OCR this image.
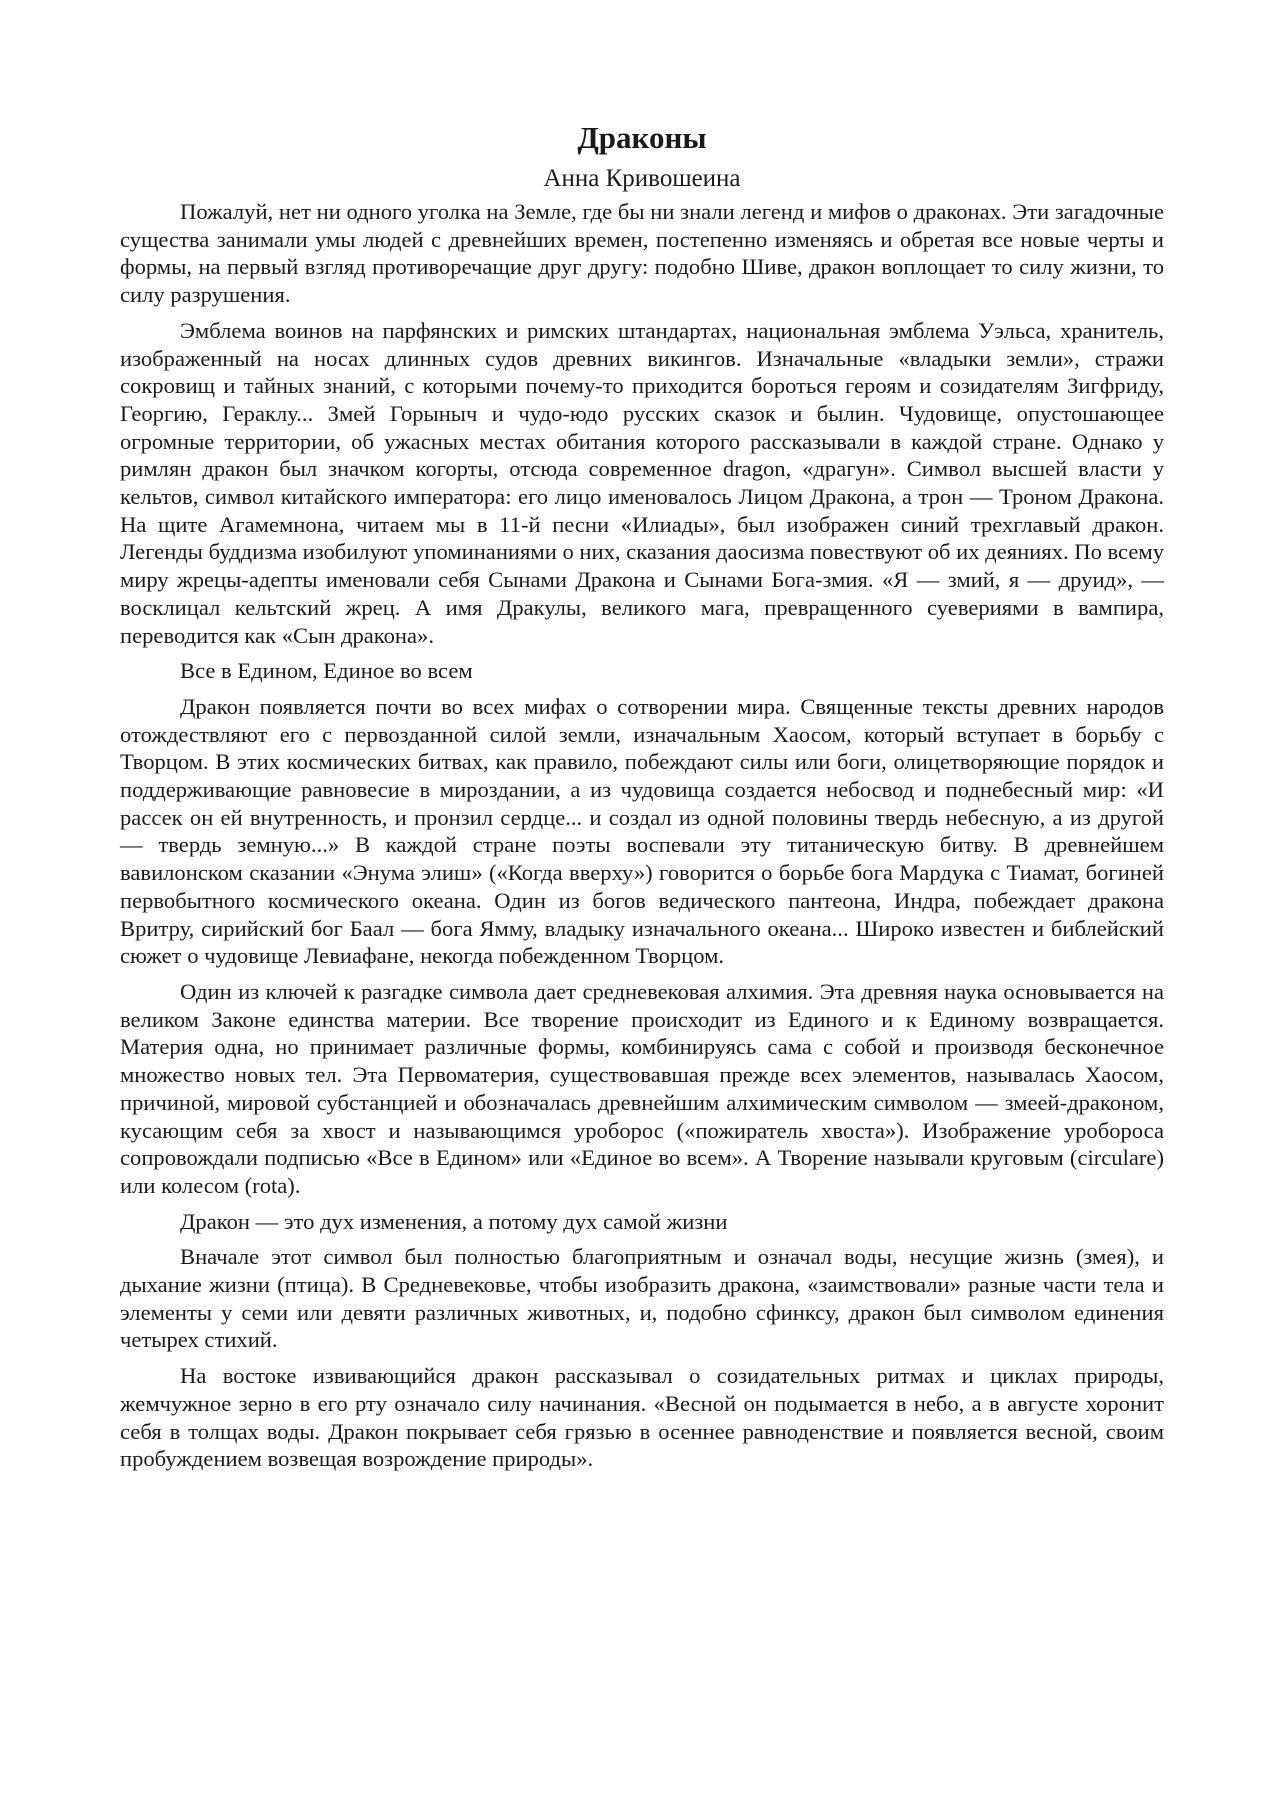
Драконы
Анна Кривошеина

Пожалуй, нет ни одного уголка на Земле, где бы ни знали легенд и мифов о драконах. Эти загадочные существа занимали умы людей с древнейших времен, постепенно изменяясь и обретая все новые черты и формы, на первый взгляд противоречащие друг другу: подобно Шиве, дракон воплощает то силу жизни, то силу разрушения.

Эмблема воинов на парфянских и римских штандартах, национальная эмблема Уэльса, хранитель, изображенный на носах длинных судов древних викингов. Изначальные «владыки земли», стражи сокровищ и тайных знаний, с которыми почему-то приходится бороться героям и созидателям Зигфриду, Георгию, Гераклу... Змей Горыныч и чудо-юдо русских сказок и былин. Чудовище, опустошающее огромные территории, об ужасных местах обитания которого рассказывали в каждой стране. Однако у римлян дракон был значком когорты, отсюда современное dragon, «драгун». Символ высшей власти у кельтов, символ китайского императора: его лицо именовалось Лицом Дракона, а трон — Троном Дракона. На щите Агамемнона, читаем мы в 11-й песни «Илиады», был изображен синий трехглавый дракон. Легенды буддизма изобилуют упоминаниями о них, сказания даосизма повествуют об их деяниях. По всему миру жрецы-адепты именовали себя Сынами Дракона и Сынами Бога-змия. «Я — змий, я — друид», — восклицал кельтский жрец. А имя Дракулы, великого мага, превращенного суевериями в вампира, переводится как «Сын дракона».

Все в Едином, Единое во всем

Дракон появляется почти во всех мифах о сотворении мира. Священные тексты древних народов отождествляют его с первозданной силой земли, изначальным Хаосом, который вступает в борьбу с Творцом. В этих космических битвах, как правило, побеждают силы или боги, олицетворяющие порядок и поддерживающие равновесие в мироздании, а из чудовища создается небосвод и поднебесный мир: «И рассек он ей внутренность, и пронзил сердце... и создал из одной половины твердь небесную, а из другой — твердь земную...» В каждой стране поэты воспевали эту титаническую битву. В древнейшем вавилонском сказании «Энума элиш» («Когда вверху») говорится о борьбе бога Мардука с Тиамат, богиней первобытного космического океана. Один из богов ведического пантеона, Индра, побеждает дракона Вритру, сирийский бог Баал — бога Ямму, владыку изначального океана... Широко известен и библейский сюжет о чудовище Левиафане, некогда побежденном Творцом.

Один из ключей к разгадке символа дает средневековая алхимия. Эта древняя наука основывается на великом Законе единства материи. Все творение происходит из Единого и к Единому возвращается. Материя одна, но принимает различные формы, комбинируясь сама с собой и производя бесконечное множество новых тел. Эта Первоматерия, существовавшая прежде всех элементов, называлась Хаосом, причиной, мировой субстанцией и обозначалась древнейшим алхимическим символом — змеей-драконом, кусающим себя за хвост и называющимся уроборос («пожиратель хвоста»). Изображение уробороса сопровождали подписью «Все в Едином» или «Единое во всем». А Творение называли круговым (circulare) или колесом (rota).

Дракон — это дух изменения, а потому дух самой жизни

Вначале этот символ был полностью благоприятным и означал воды, несущие жизнь (змея), и дыхание жизни (птица). В Средневековье, чтобы изобразить дракона, «заимствовали» разные части тела и элементы у семи или девяти различных животных, и, подобно сфинксу, дракон был символом единения четырех стихий.

На востоке извивающийся дракон рассказывал о созидательных ритмах и циклах природы, жемчужное зерно в его рту означало силу начинания. «Весной он подымается в небо, а в августе хоронит себя в толщах воды. Дракон покрывает себя грязью в осеннее равноденствие и появляется весной, своим пробуждением возвещая возрождение природы».
